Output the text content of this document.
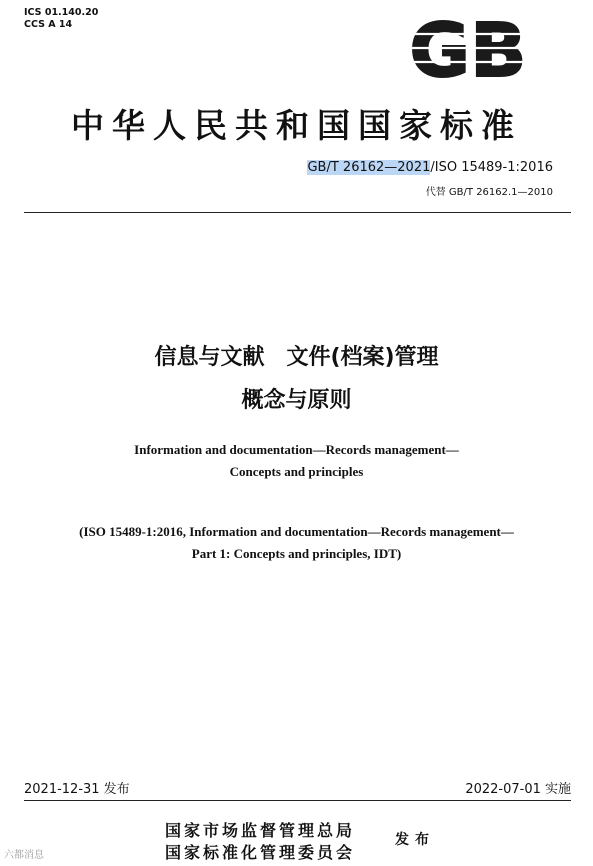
ICS 01.140.20
CCS A 14	GB
中华人民共和国国家标准
GB/T 26162—2021/ISO 15489-1:2016
代替 GB/T 26162.1—2010
信息与文献　文件(档案)管理
概念与原则
Information and documentation—Records management—
Concepts and principles
(ISO 15489-1:2016, Information and documentation—Records management—
Part 1: Concepts and principles, IDT)
2021-12-31 发布	2022-07-01 实施
国家市场监督管理总局
国家标准化管理委员会
发布
六都消息
